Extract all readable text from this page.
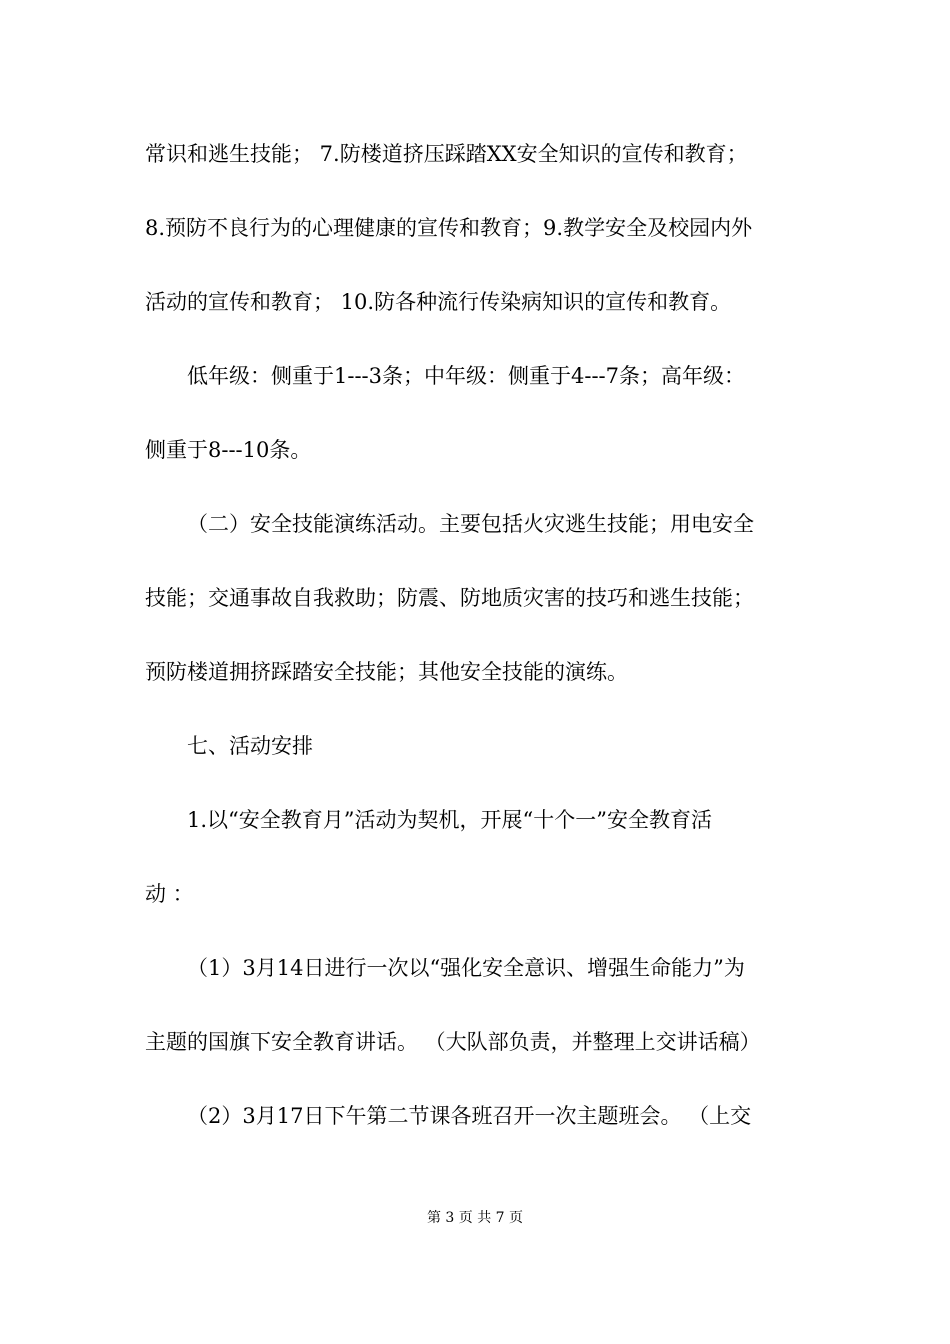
常识和逃生技能； 7.防楼道挤压踩踏XX安全知识的宣传和教育；
8.预防不良行为的心理健康的宣传和教育；9.教学安全及校园内外
活动的宣传和教育； 10.防各种流行传染病知识的宣传和教育。
低年级：侧重于1---3条；中年级：侧重于4---7条；高年级：
侧重于8---10条。
（二）安全技能演练活动。主要包括火灾逃生技能；用电安全
技能；交通事故自我救助；防震、防地质灾害的技巧和逃生技能；
预防楼道拥挤踩踏安全技能；其他安全技能的演练。
七、活动安排
1.以“安全教育月”活动为契机，开展“十个一”安全教育活
动 ：
（1）3月14日进行一次以“强化安全意识、增强生命能力”为
主题的国旗下安全教育讲话。 （大队部负责，并整理上交讲话稿）
（2）3月17日下午第二节课各班召开一次主题班会。 （上交
第 3 页 共 7 页
